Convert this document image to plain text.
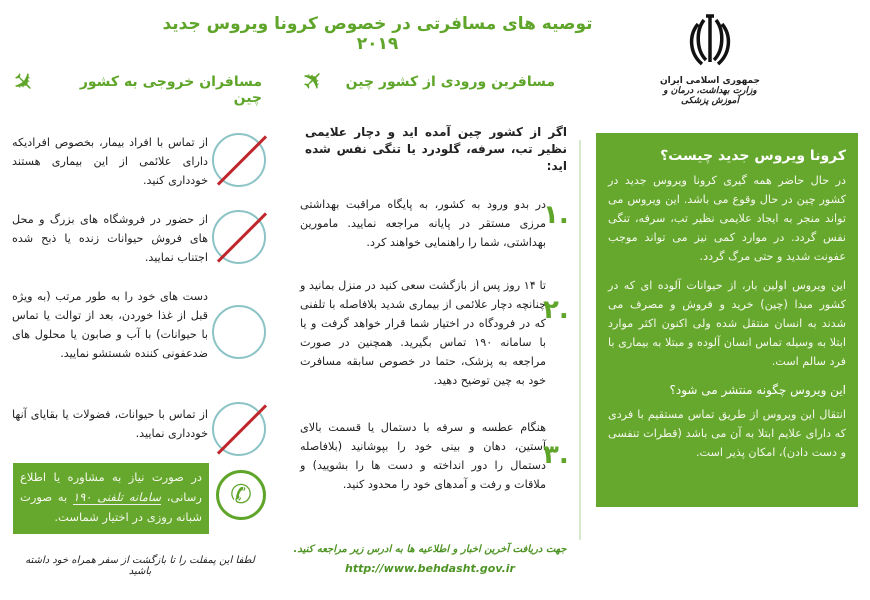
توصیه های مسافرتی در خصوص کرونا ویروس جدید ۲۰۱۹
جمهوری اسلامی ایران
وزارت بهداشت، درمان و آموزش پزشکی
مسافرین ورودی از کشور چین
✈
مسافران خروجی به کشور چین
✈
کرونا ویروس جدید چیست؟

در حال حاضر همه گیری کرونا ویروس جدید در کشور چین در حال وقوع می باشد. این ویروس می تواند منجر به ایجاد علایمی نظیر تب، سرفه، تنگی نفس گردد. در موارد کمی نیز می تواند موجب عفونت شدید و حتی مرگ گردد.

این ویروس اولین بار، از حیوانات آلوده ای که در کشور مبدا (چین) خرید و فروش و مصرف می شدند به انسان منتقل شده ولی اکنون اکثر موارد ابتلا به وسیله تماس انسان آلوده و مبتلا به بیماری با فرد سالم است.

این ویروس چگونه منتشر می شود؟

انتقال این ویروس از طریق تماس مستقیم با فردی که دارای علایم ابتلا به آن می باشد (قطرات تنفسی و دست دادن)، امکان پذیر است.

اگر از کشور چین آمده اید و دچار علایمی نظیر تب، سرفه، گلودرد یا تنگی نفس شده اید:
در بدو ورود به کشور، به پایگاه مراقبت بهداشتی مرزی مستقر در پایانه مراجعه نمایید. مامورین بهداشتی، شما را راهنمایی خواهند کرد.
۱.
تا ۱۴ روز پس از بازگشت سعی کنید در منزل بمانید و چنانچه دچار علائمی از بیماری شدید بلافاصله با تلفنی که در فرودگاه در اختیار شما قرار خواهد گرفت و یا با سامانه ۱۹۰ تماس بگیرید. همچنین در صورت مراجعه به پزشک، حتما در خصوص سابقه مسافرت خود به چین توضیح دهید.
۲.
هنگام عطسه و سرفه با دستمال یا قسمت بالای آستین، دهان و بینی خود را بپوشانید (بلافاصله دستمال را دور انداخته و دست ها را بشویید) و ملاقات و رفت و آمدهای خود را محدود کنید.
۳.
از تماس با افراد بیمار، بخصوص افرادیکه دارای علائمی از این بیماری هستند خودداری کنید.
از حضور در فروشگاه های بزرگ و محل های فروش حیوانات زنده یا ذبح شده اجتناب نمایید.
دست های خود را به طور مرتب (به ویژه قبل از غذا خوردن، بعد از توالت یا تماس با حیوانات) با آب و صابون یا محلول های ضدعفونی کننده شستشو نمایید.
از تماس با حیوانات، فضولات یا بقایای آنها خودداری نمایید.
در صورت نیاز به مشاوره یا اطلاع رسانی، سامانه تلفنی ۱۹۰ به صورت شبانه روزی در اختیار شماست.
✆
لطفا این پمفلت را تا بازگشت از سفر همراه خود داشته باشید
جهت دریافت آخرین اخبار و اطلاعیه ها به ادرس زیر مراجعه کنید.
http://www.behdasht.gov.ir
